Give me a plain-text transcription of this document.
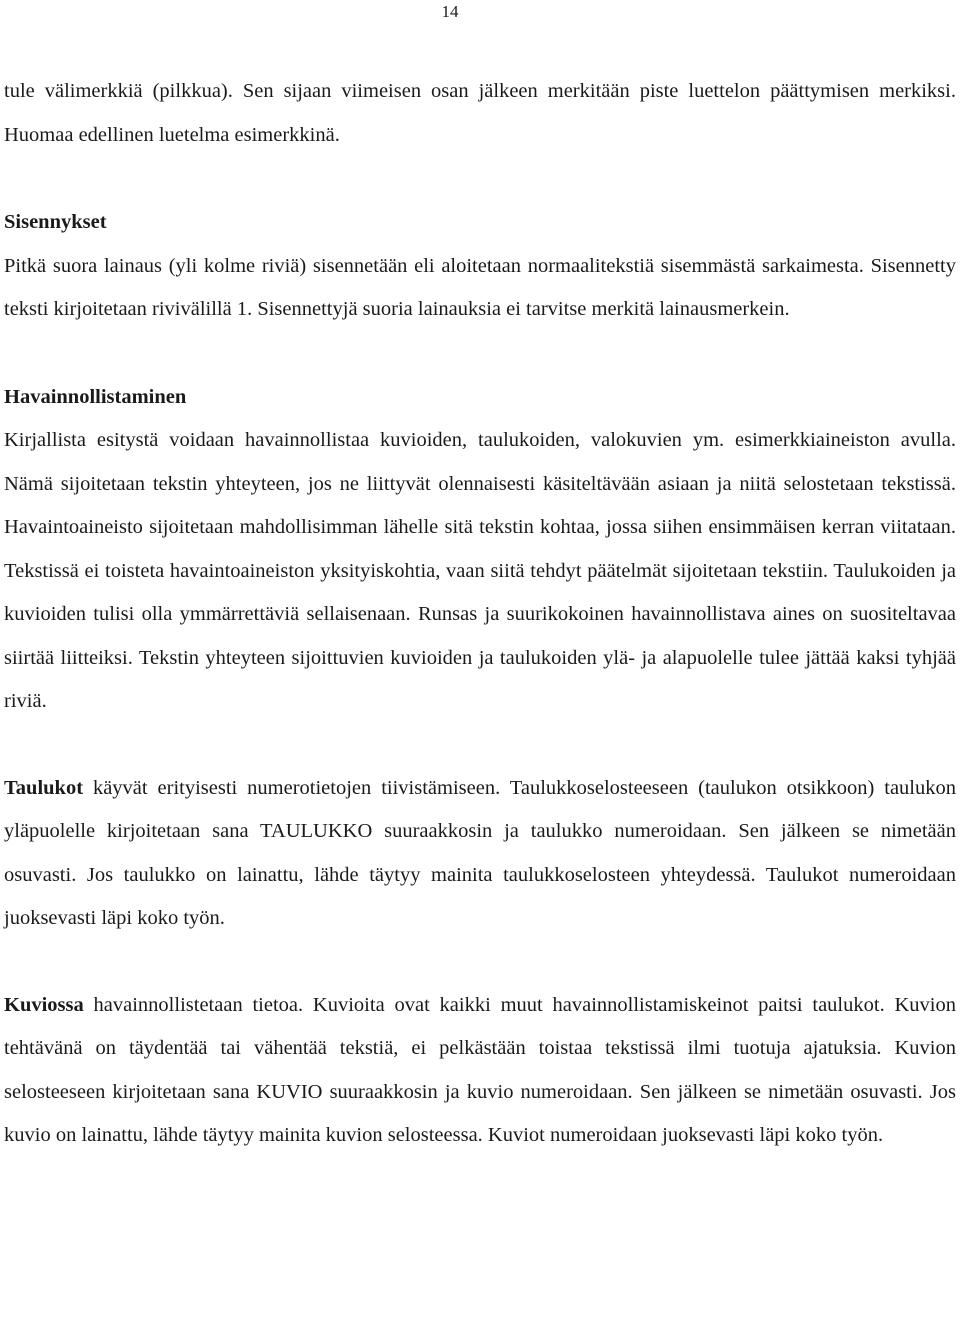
14

tule välimerkkiä (pilkkua). Sen sijaan viimeisen osan jälkeen merkitään piste luettelon päättymisen merkiksi. Huomaa edellinen luetelma esimerkkinä.

Sisennykset

Pitkä suora lainaus (yli kolme riviä) sisennetään eli aloitetaan normaalitekstiä sisemmästä sarkaimesta. Sisennetty teksti kirjoitetaan rivivälillä 1. Sisennettyjä suoria lainauksia ei tarvitse merkitä lainausmerkein.

Havainnollistaminen

Kirjallista esitystä voidaan havainnollistaa kuvioiden, taulukoiden, valokuvien ym. esimerkkiaineiston avulla. Nämä sijoitetaan tekstin yhteyteen, jos ne liittyvät olennaisesti käsiteltävään asiaan ja niitä selostetaan tekstissä. Havaintoaineisto sijoitetaan mahdollisimman lähelle sitä tekstin kohtaa, jossa siihen ensimmäisen kerran viitataan. Tekstissä ei toisteta havaintoaineiston yksityiskohtia, vaan siitä tehdyt päätelmät sijoitetaan tekstiin. Taulukoiden ja kuvioiden tulisi olla ymmärrettäviä sellaisenaan. Runsas ja suurikokoinen havainnollistava aines on suositeltavaa siirtää liitteiksi. Tekstin yhteyteen sijoittuvien kuvioiden ja taulukoiden ylä- ja alapuolelle tulee jättää kaksi tyhjää riviä.

Taulukot käyvät erityisesti numerotietojen tiivistämiseen. Taulukkoselosteeseen (taulukon otsikkoon) taulukon yläpuolelle kirjoitetaan sana TAULUKKO suuraakkosin ja taulukko numeroidaan. Sen jälkeen se nimetään osuvasti. Jos taulukko on lainattu, lähde täytyy mainita taulukkoselosteen yhteydessä. Taulukot numeroidaan juoksevasti läpi koko työn.

Kuviossa havainnollistetaan tietoa. Kuvioita ovat kaikki muut havainnollistamiskeinot paitsi taulukot. Kuvion tehtävänä on täydentää tai vähentää tekstiä, ei pelkästään toistaa tekstissä ilmi tuotuja ajatuksia. Kuvion selosteeseen kirjoitetaan sana KUVIO suuraakkosin ja kuvio numeroidaan. Sen jälkeen se nimetään osuvasti. Jos kuvio on lainattu, lähde täytyy mainita kuvion selosteessa. Kuviot numeroidaan juoksevasti läpi koko työn.
